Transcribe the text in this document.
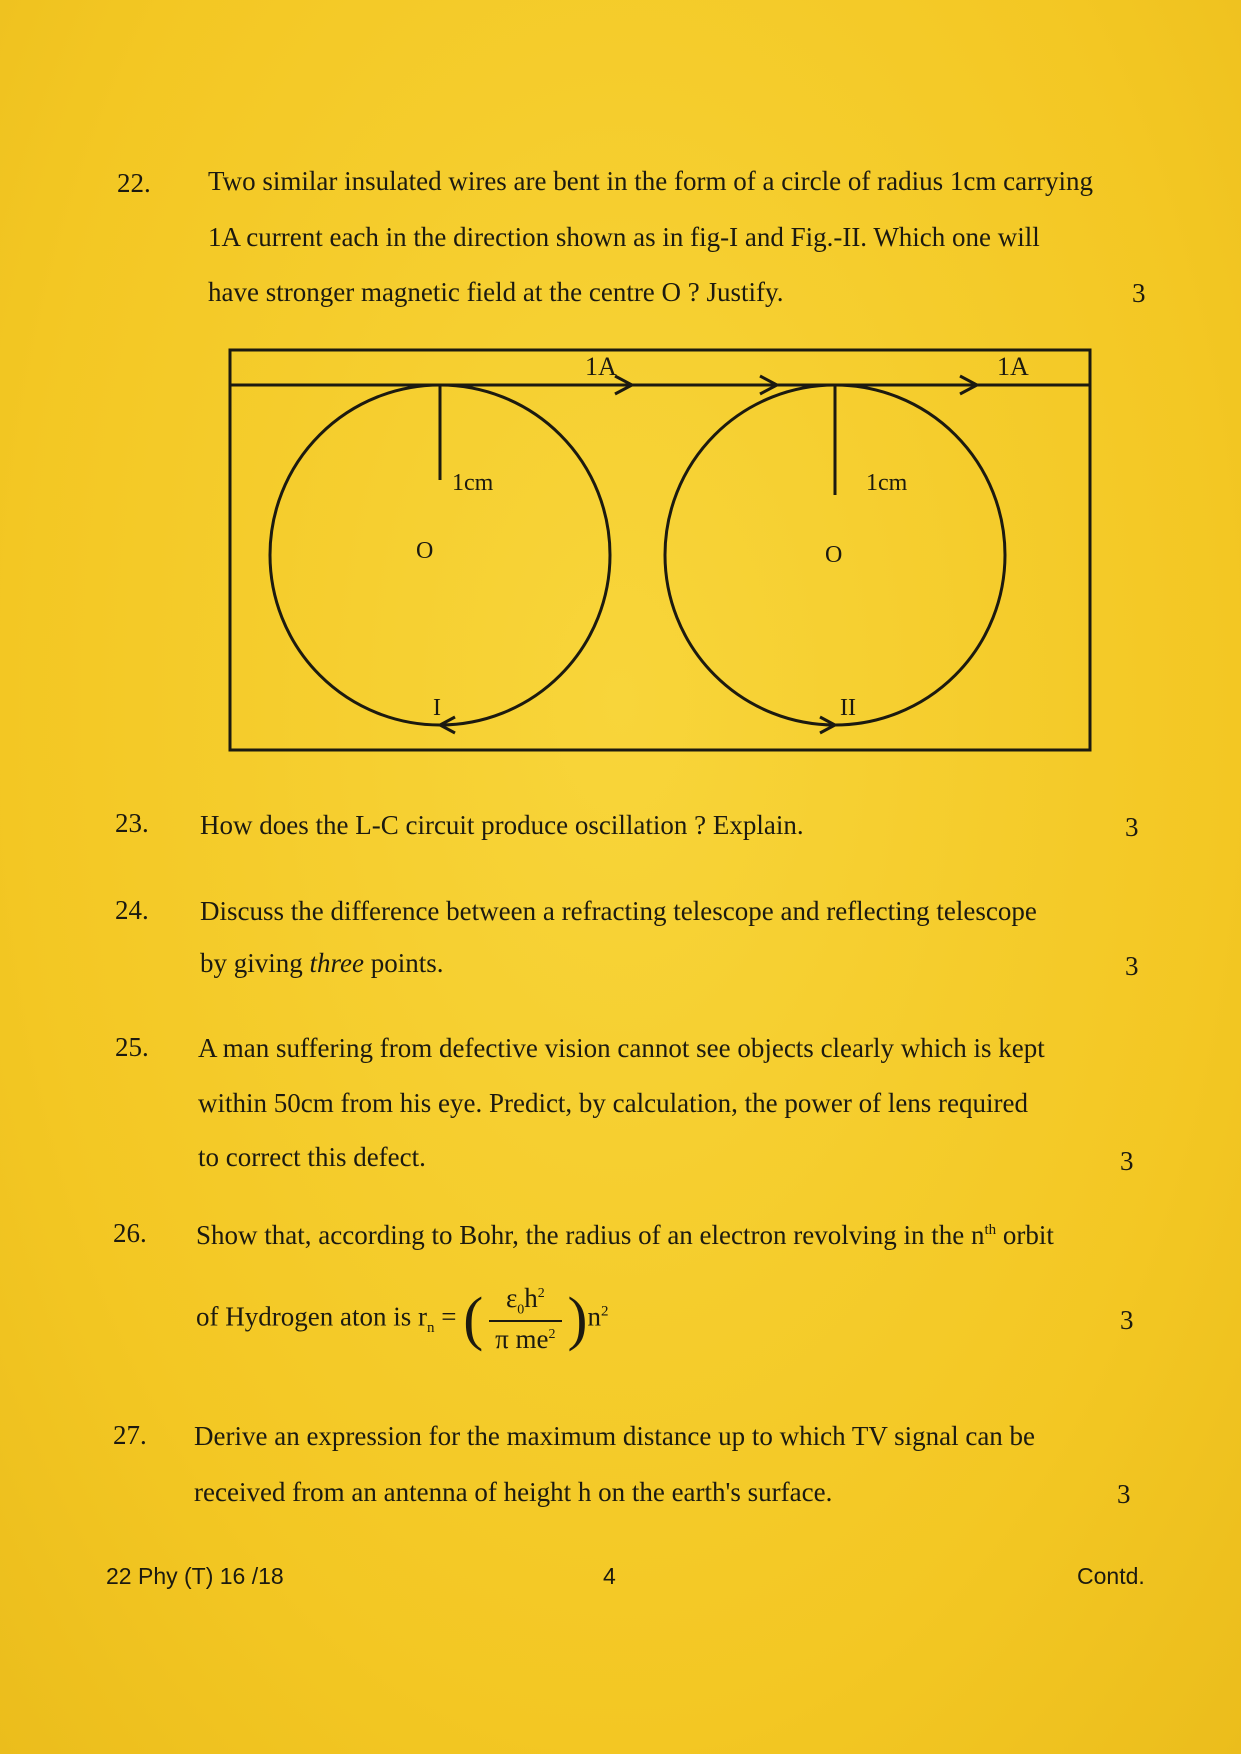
22. Two similar insulated wires are bent in the form of a circle of radius 1cm carrying
1A current each in the direction shown as in fig-I and Fig.-II. Which one will
have stronger magnetic field at the centre O ? Justify.	3
1A
1cm
O
I
1A
1cm
O
II
23. How does the L-C circuit produce oscillation ? Explain.	3
24. Discuss the difference between a refracting telescope and reflecting telescope
by giving three points.	3
25. A man suffering from defective vision cannot see objects clearly which is kept
within 50cm from his eye. Predict, by calculation, the power of lens required
to correct this defect.	3
26. Show that, according to Bohr, the radius of an electron revolving in the $n^{th}$ orbit
of Hydrogen aton is $r_n$ = ( $\frac{\varepsilon_0h^2}{\pi me^2} )n^2$	3
27. Derive an expression for the maximum distance up to which TV signal can be
received from an antenna of height h on the earth's surface.	3
22 Phy (T) 16 /18	4	Contd.
